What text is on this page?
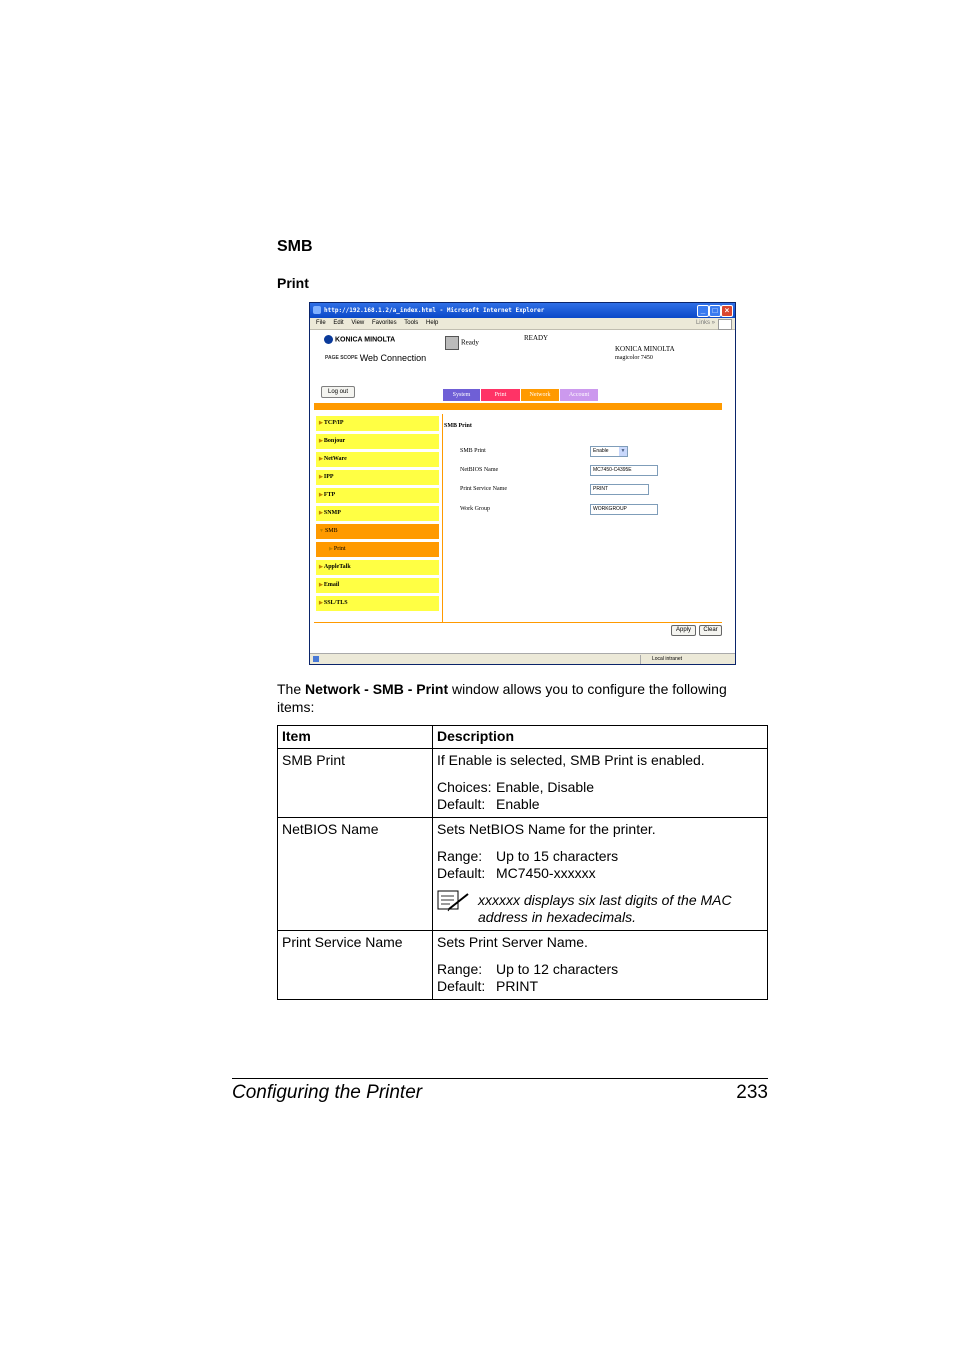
SMB
Print
http://192.168.1.2/a_index.html - Microsoft Internet Explorer	_ □ ×
File Edit View Favorites Tools Help	Links »
KONICA MINOLTA
PAGE SCOPE Web Connection
Ready
READY
KONICA MINOLTA
magicolor 7450
Log out	System	Print	Network	Account
▶TCP/IP
▶Bonjour
▶NetWare
▶IPP
▶FTP
▶SNMP
▼SMB
▶Print
▶AppleTalk
▶Email
▶SSL/TLS
SMB Print
SMB Print	Enable	▼
NetBIOS Name	MC7450-C4395E
Print Service Name	PRINT
Work Group	WORKGROUP
Apply	Clear
Local intranet
The Network - SMB - Print window allows you to configure the following items:
Item	Description
SMB Print	If Enable is selected, SMB Print is enabled.

Choices: Enable, Disable
Default: Enable

NetBIOS Name	Sets NetBIOS Name for the printer.

Range: Up to 15 characters
Default: MC7450-xxxxxx
xxxxxx displays six last digits of the MAC address in hexadecimals.

Print Service Name	Sets Print Server Name.

Range: Up to 12 characters
Default: PRINT
Configuring the Printer	233
